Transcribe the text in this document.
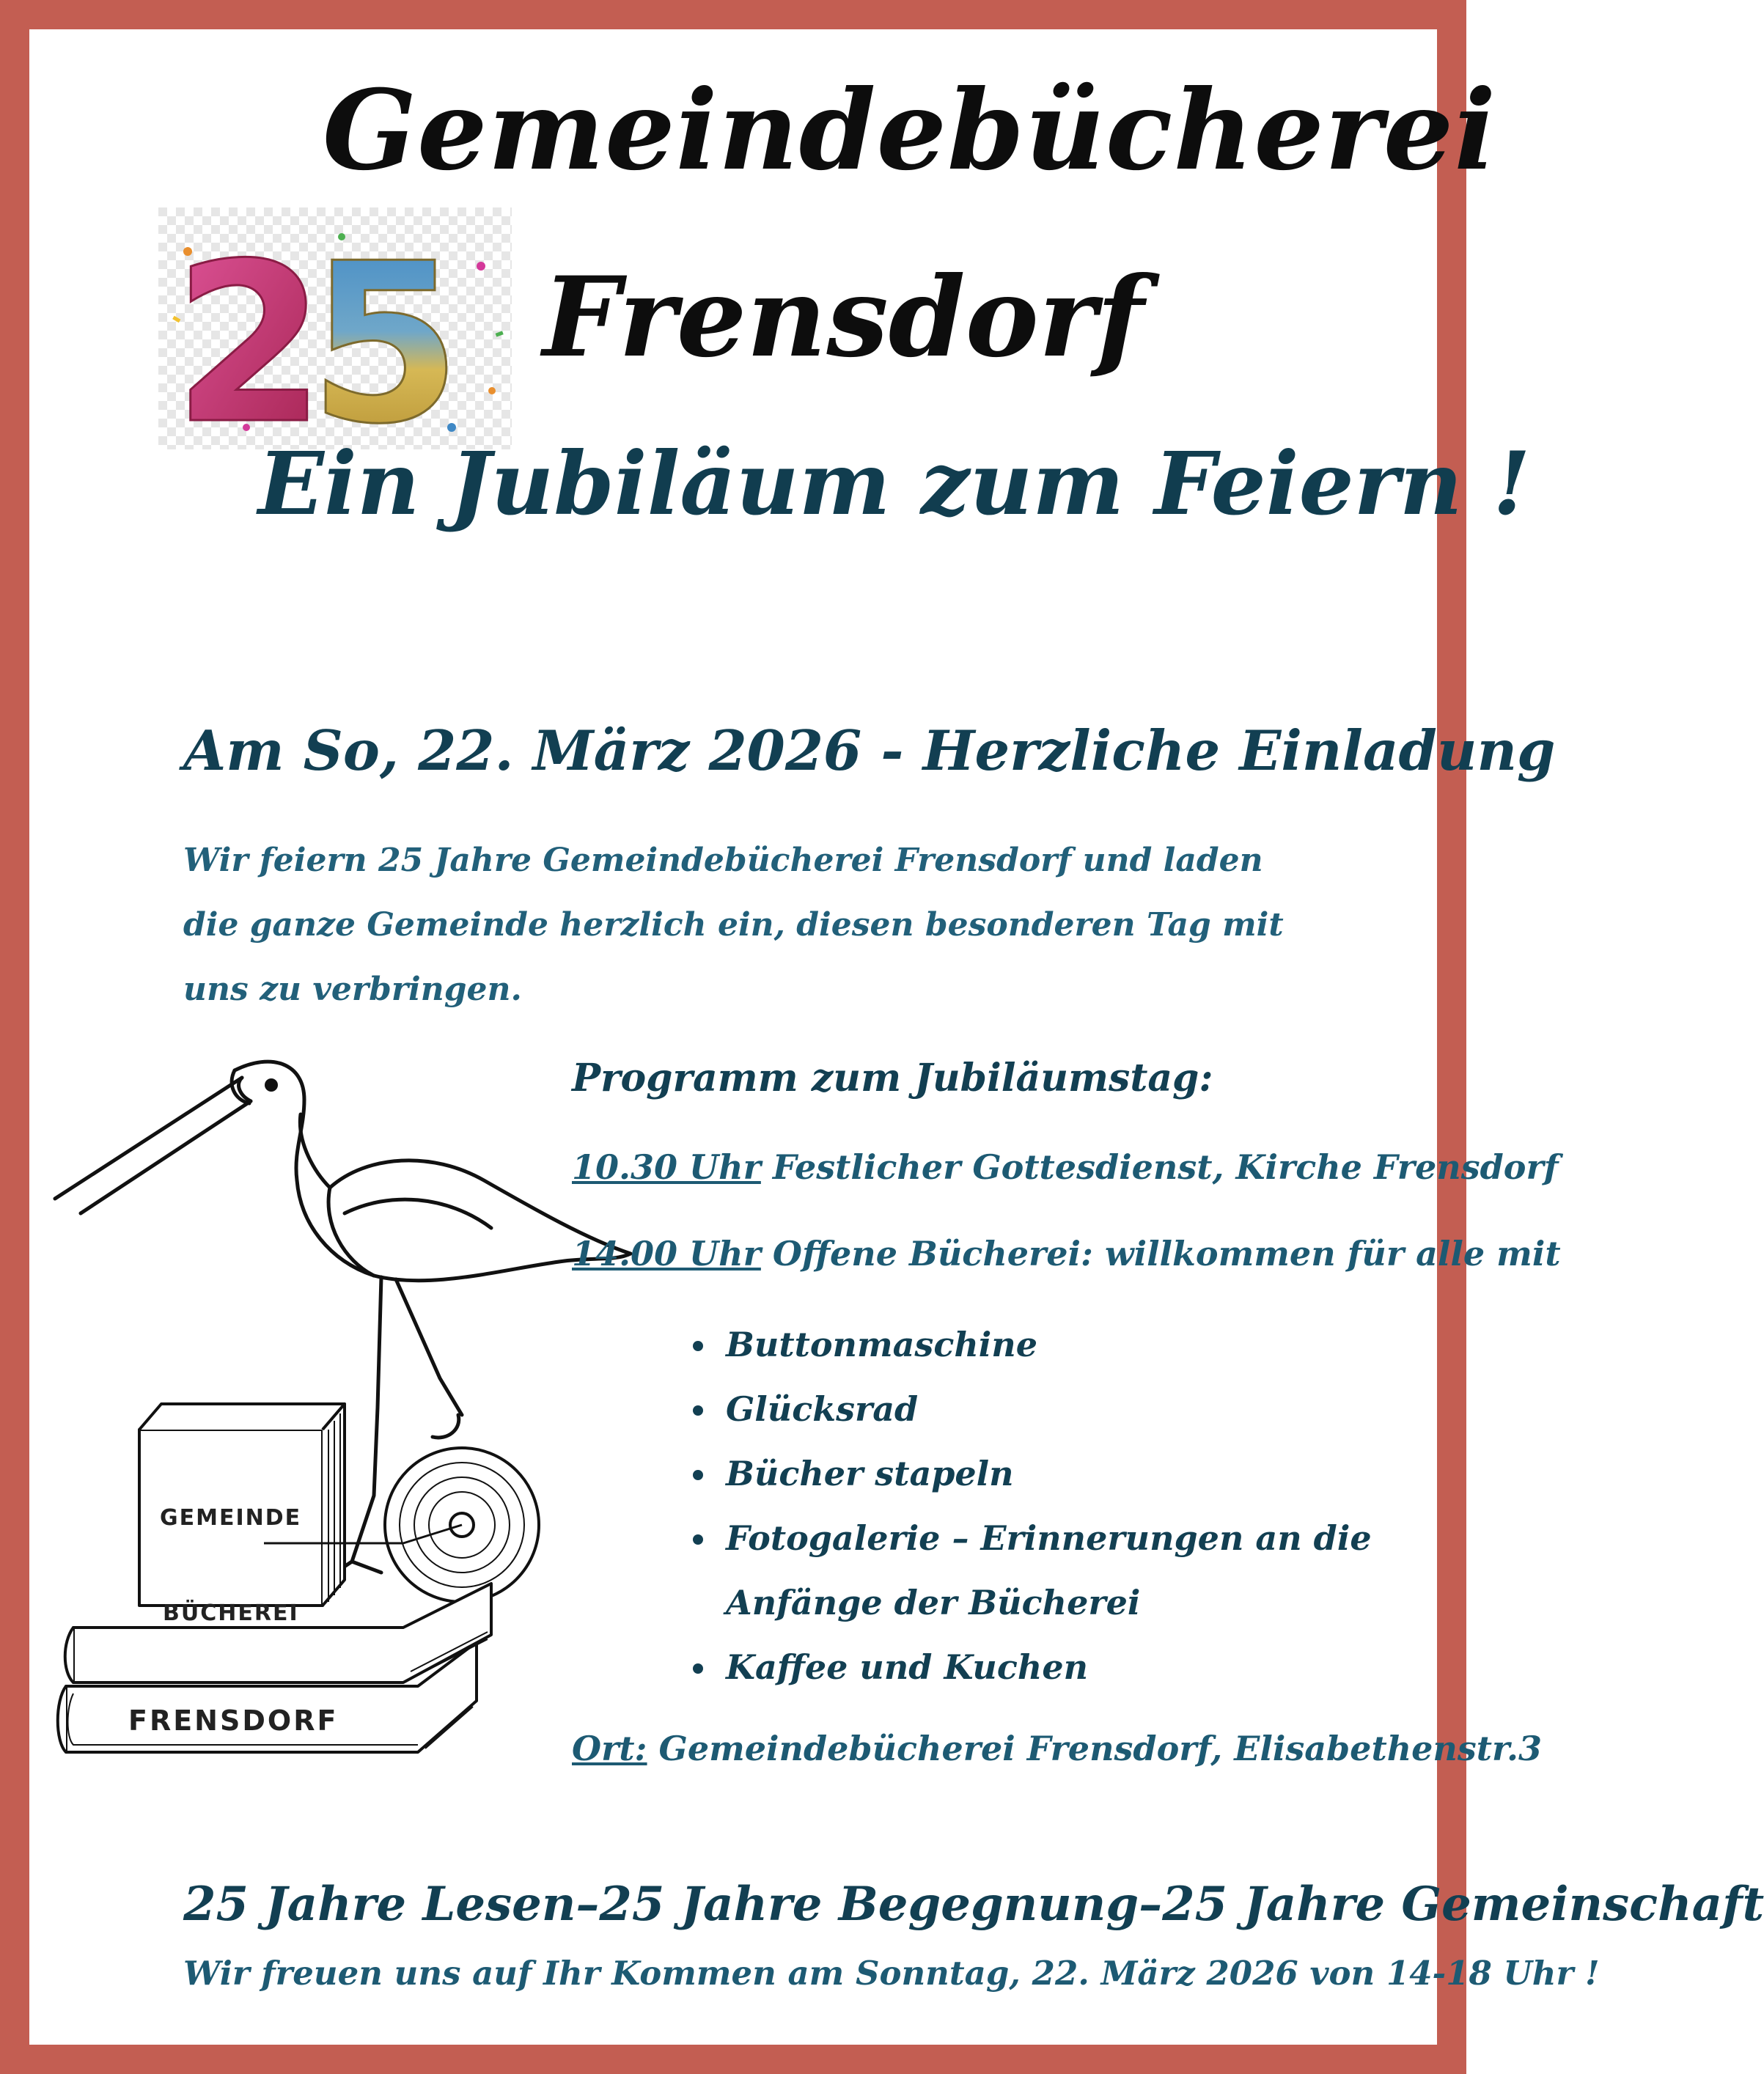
Gemeindebücherei
2
5 Frensdorf
Ein Jubiläum zum Feiern !
Am So, 22. März 2026 - Herzliche Einladung
Wir feiern 25 Jahre Gemeindebücherei Frensdorf und laden die ganze Gemeinde herzlich ein, diesen besonderen Tag mit uns zu verbringen.
GEMEINDE
BÜCHEREI
FRENSDORF
Programm zum Jubiläumstag:
10.30 Uhr Festlicher Gottesdienst, Kirche Frensdorf
14.00 Uhr Offene Bücherei: willkommen für alle mit
• Buttonmaschine
• Glücksrad
• Bücher stapeln
• Fotogalerie – Erinnerungen an die Anfänge der Bücherei
• Kaffee und Kuchen
Ort: Gemeindebücherei Frensdorf, Elisabethenstr.3
25 Jahre Lesen–25 Jahre Begegnung–25 Jahre Gemeinschaft
Wir freuen uns auf Ihr Kommen am Sonntag, 22. März 2026 von 14-18 Uhr !
